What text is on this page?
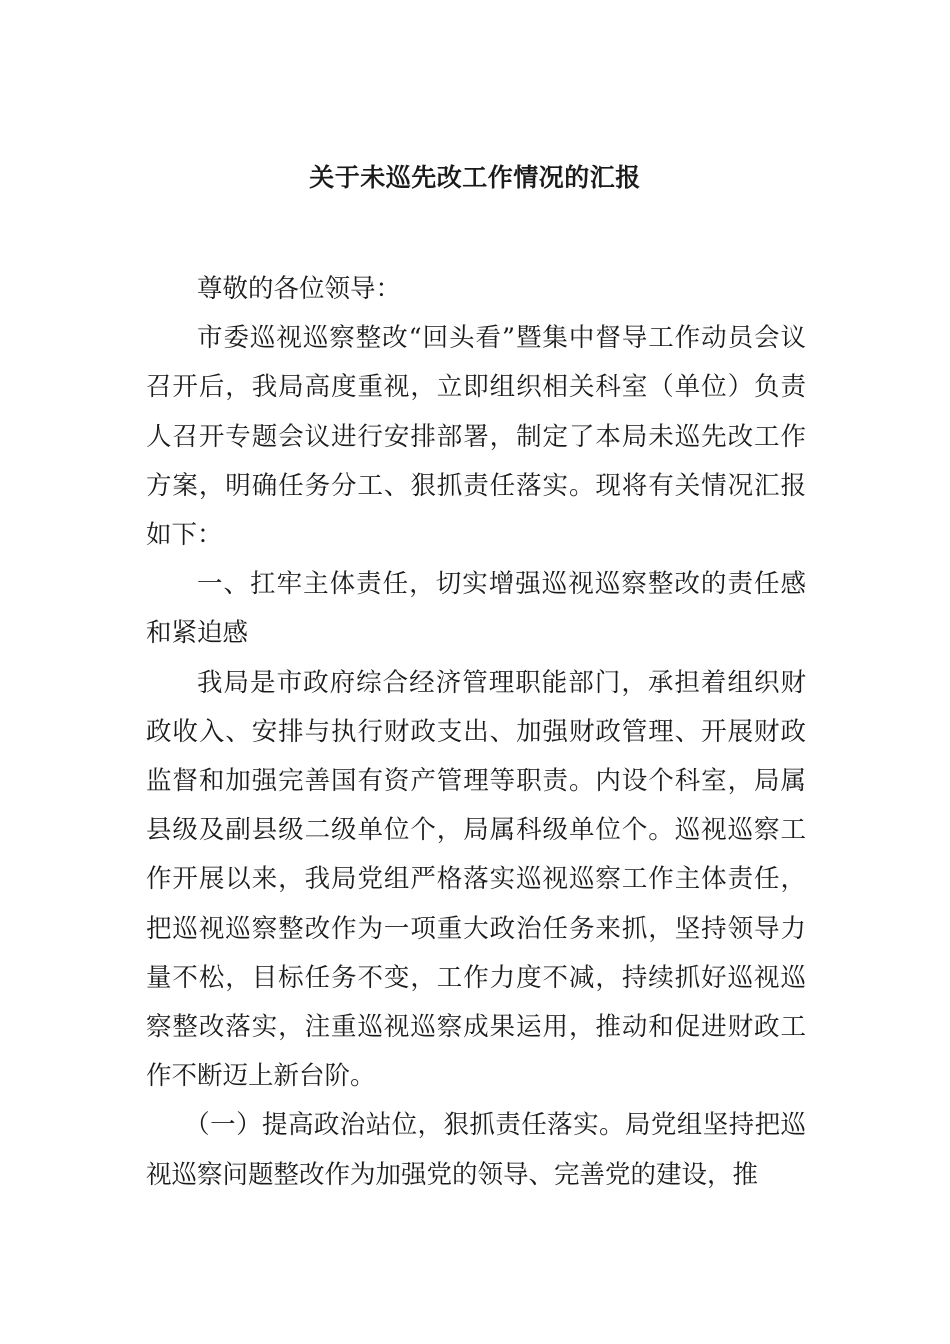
关于未巡先改工作情况的汇报

尊敬的各位领导：

市委巡视巡察整改“回头看”暨集中督导工作动员会议召开后，我局高度重视，立即组织相关科室（单位）负责人召开专题会议进行安排部署，制定了本局未巡先改工作方案，明确任务分工、狠抓责任落实。现将有关情况汇报如下：

一、扛牢主体责任，切实增强巡视巡察整改的责任感和紧迫感

我局是市政府综合经济管理职能部门，承担着组织财政收入、安排与执行财政支出、加强财政管理、开展财政监督和加强完善国有资产管理等职责。内设个科室，局属县级及副县级二级单位个，局属科级单位个。巡视巡察工作开展以来，我局党组严格落实巡视巡察工作主体责任，把巡视巡察整改作为一项重大政治任务来抓，坚持领导力量不松，目标任务不变，工作力度不减，持续抓好巡视巡察整改落实，注重巡视巡察成果运用，推动和促进财政工作不断迈上新台阶。

（一）提高政治站位，狠抓责任落实。局党组坚持把巡视巡察问题整改作为加强党的领导、完善党的建设，推
